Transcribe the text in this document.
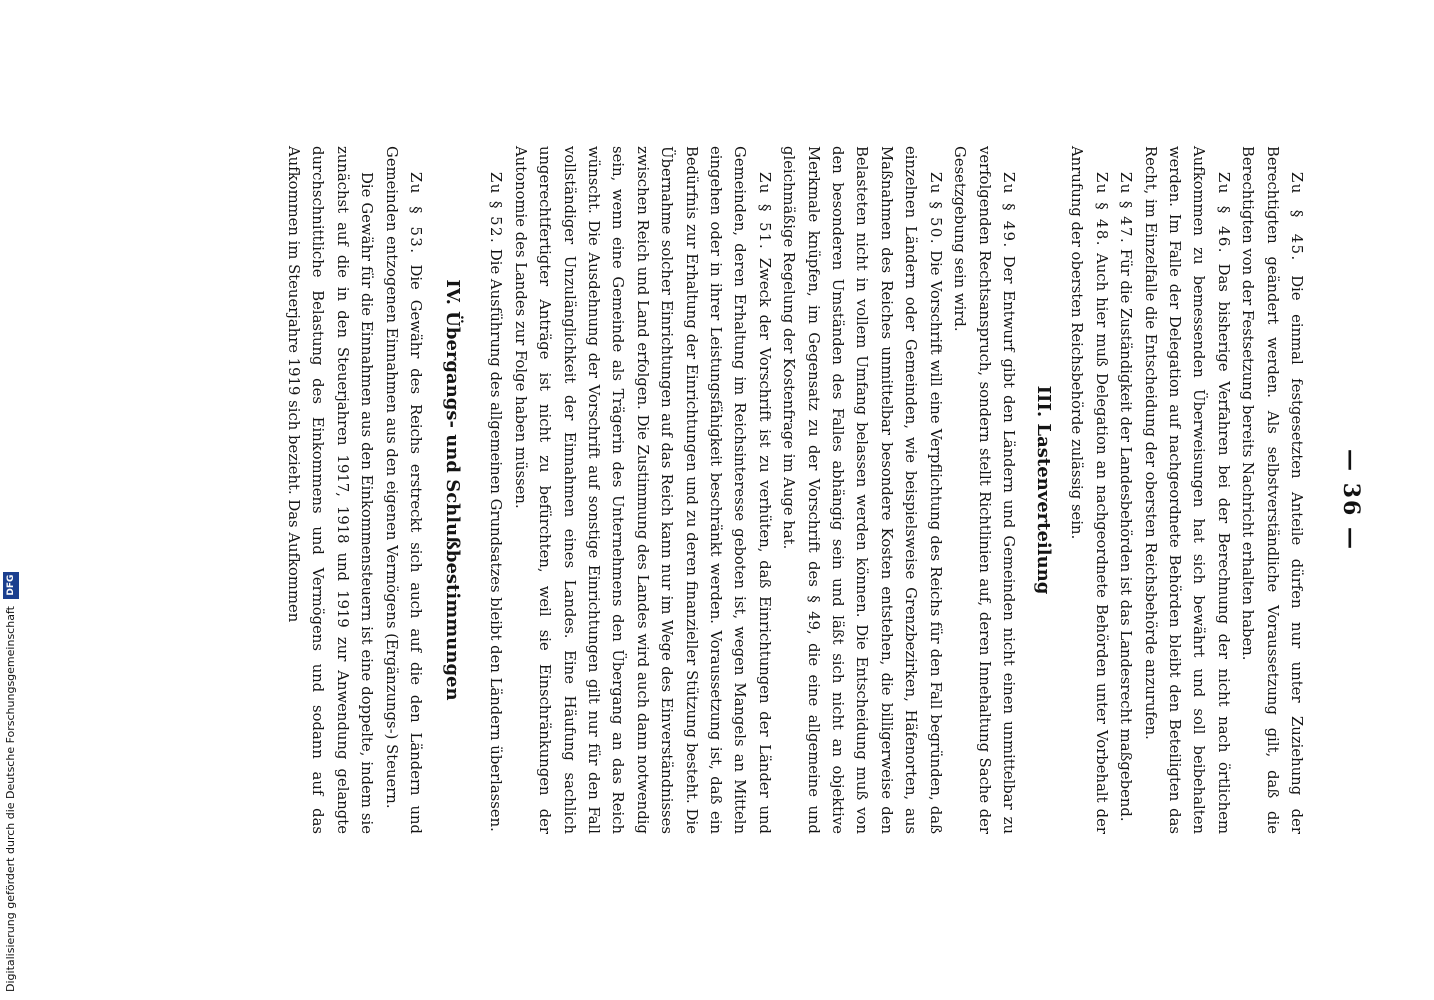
Digitalisierung gefördert durch die Deutsche Forschungsgemeinschaft DFG
— 36 —

Zu § 45. Die einmal festgesetzten Anteile dürfen nur unter Zuziehung der Berechtigten geändert werden. Als selbstverständliche Voraussetzung gilt, daß die Berechtigten von der Festsetzung bereits Nachricht erhalten haben.

Zu § 46. Das bisherige Verfahren bei der Berechnung der nicht nach örtlichem Aufkommen zu bemessenden Überweisungen hat sich bewährt und soll beibehalten werden. Im Falle der Delegation auf nachgeordnete Behörden bleibt den Beteiligten das Recht, im Einzelfalle die Entscheidung der obersten Reichsbehörde anzurufen.

Zu § 47. Für die Zuständigkeit der Landesbehörden ist das Landesrecht maßgebend.

Zu § 48. Auch hier muß Delegation an nachgeordnete Behörden unter Vorbehalt der Anrufung der obersten Reichsbehörde zulässig sein.

III. Lastenverteilung

Zu § 49. Der Entwurf gibt den Ländern und Gemeinden nicht einen unmittelbar zu verfolgenden Rechtsanspruch, sondern stellt Richtlinien auf, deren Innehaltung Sache der Gesetzgebung sein wird.

Zu § 50. Die Vorschrift will eine Verpflichtung des Reichs für den Fall begründen, daß einzelnen Ländern oder Gemeinden, wie beispielsweise Grenzbezirken, Häfenorten, aus Maßnahmen des Reiches unmittelbar besondere Kosten entstehen, die billigerweise den Belasteten nicht in vollem Umfang belassen werden können. Die Entscheidung muß von den besonderen Umständen des Falles abhängig sein und läßt sich nicht an objektive Merkmale knüpfen, im Gegensatz zu der Vorschrift des § 49, die eine allgemeine und gleichmäßige Regelung der Kostenfrage im Auge hat.

Zu § 51. Zweck der Vorschrift ist zu verhüten, daß Einrichtungen der Länder und Gemeinden, deren Erhaltung im Reichsinteresse geboten ist, wegen Mangels an Mitteln eingehen oder in ihrer Leistungsfähigkeit beschränkt werden. Voraussetzung ist, daß ein Bedürfnis zur Erhaltung der Einrichtungen und zu deren finanzieller Stützung besteht. Die Übernahme solcher Einrichtungen auf das Reich kann nur im Wege des Einverständnisses zwischen Reich und Land erfolgen. Die Zustimmung des Landes wird auch dann notwendig sein, wenn eine Gemeinde als Trägerin des Unternehmens den Übergang an das Reich wünscht. Die Ausdehnung der Vorschrift auf sonstige Einrichtungen gilt nur für den Fall vollständiger Unzulänglichkeit der Einnahmen eines Landes. Eine Häufung sachlich ungerechtfertigter Anträge ist nicht zu befürchten, weil sie Einschränkungen der Autonomie des Landes zur Folge haben müssen.

Zu § 52. Die Ausführung des allgemeinen Grundsatzes bleibt den Ländern überlassen.

IV. Übergangs- und Schlußbestimmungen

Zu § 53. Die Gewähr des Reichs erstreckt sich auch auf die den Ländern und Gemeinden entzogenen Einnahmen aus den eigenen Vermögens (Ergänzungs-) Steuern.

Die Gewähr für die Einnahmen aus den Einkommensteuern ist eine doppelte, indem sie zunächst auf die in den Steuerjahren 1917, 1918 und 1919 zur Anwendung gelangte durchschnittliche Belastung des Einkommens und Vermögens und sodann auf das Aufkommen im Steuerjahre 1919 sich bezieht. Das Aufkommen
